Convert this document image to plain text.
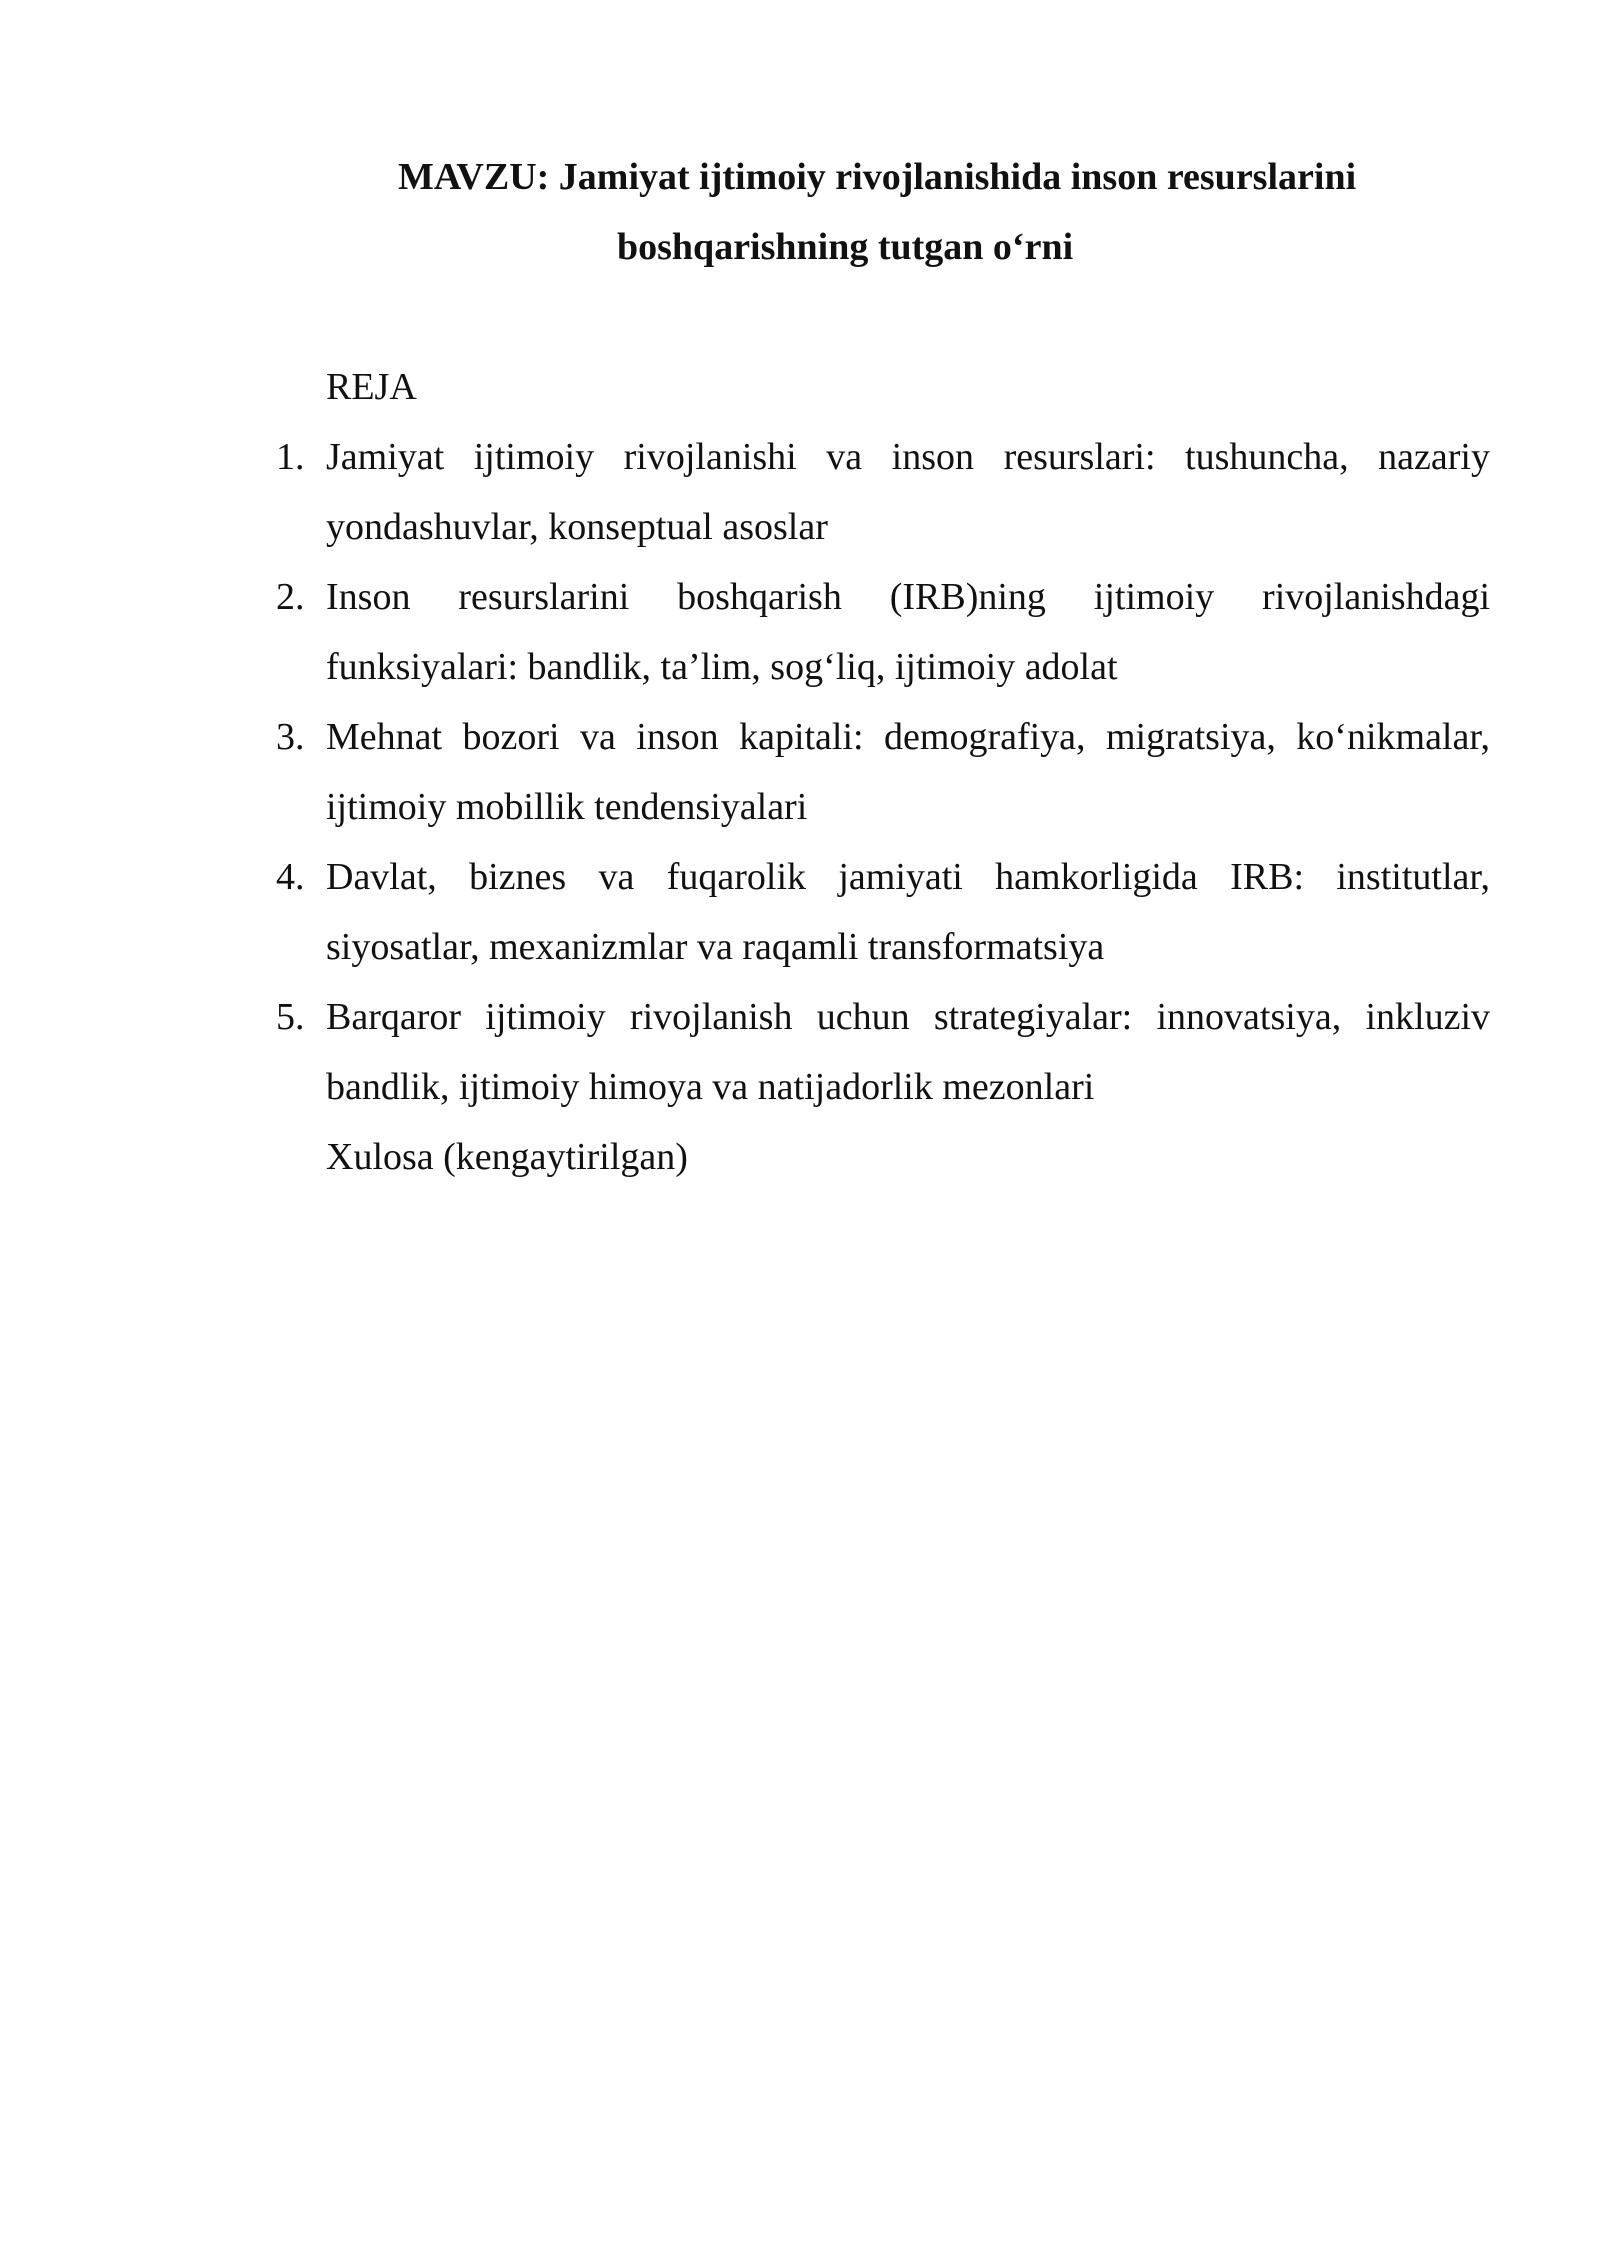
MAVZU: Jamiyat ijtimoiy rivojlanishida inson resurslarini
boshqarishning tutgan o‘rni
REJA
1. Jamiyat ijtimoiy rivojlanishi va inson resurslari: tushuncha, nazariy yondashuvlar, konseptual asoslar
2. Inson resurslarini boshqarish (IRB)ning ijtimoiy rivojlanishdagi funksiyalari: bandlik, ta’lim, sog‘liq, ijtimoiy adolat
3. Mehnat bozori va inson kapitali: demografiya, migratsiya, ko‘nikmalar, ijtimoiy mobillik tendensiyalari
4. Davlat, biznes va fuqarolik jamiyati hamkorligida IRB: institutlar, siyosatlar, mexanizmlar va raqamli transformatsiya
5. Barqaror ijtimoiy rivojlanish uchun strategiyalar: innovatsiya, inkluziv bandlik, ijtimoiy himoya va natijadorlik mezonlari
Xulosa (kengaytirilgan)
